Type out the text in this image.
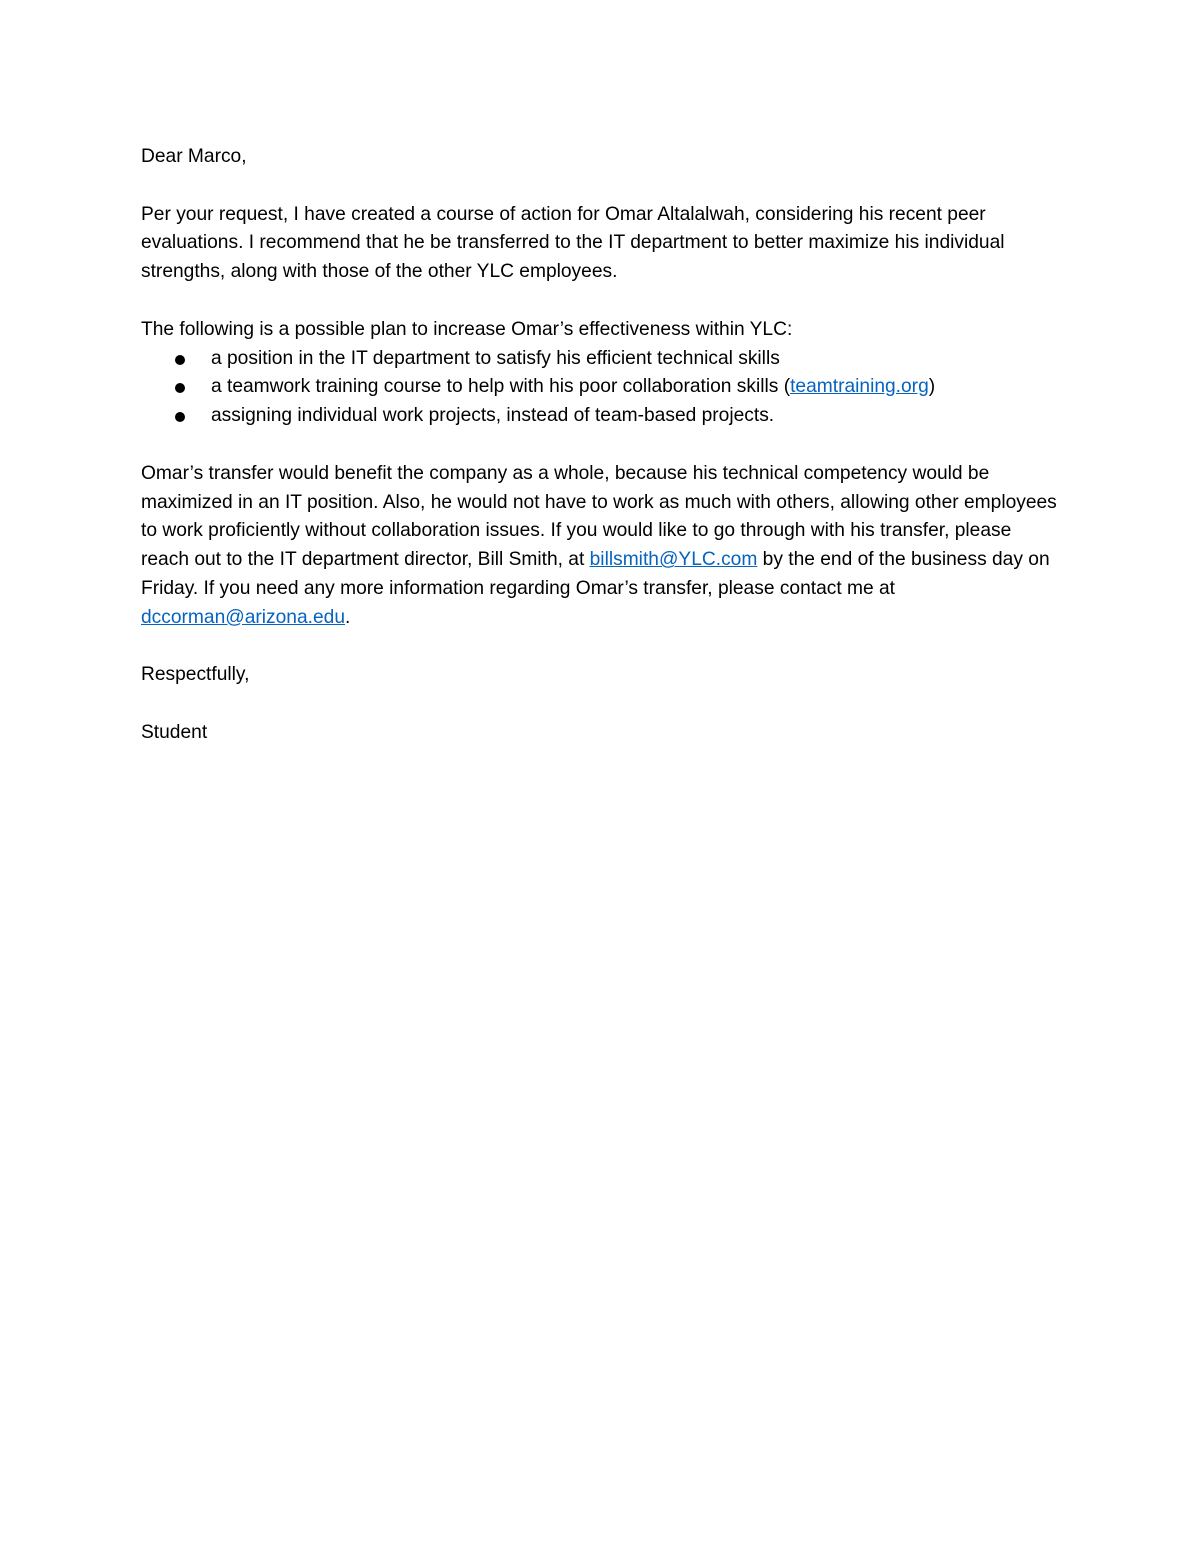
Dear Marco,

Per your request, I have created a course of action for Omar Altalalwah, considering his recent peer evaluations. I recommend that he be transferred to the IT department to better maximize his individual strengths, along with those of the other YLC employees.

The following is a possible plan to increase Omar’s effectiveness within YLC:

a position in the IT department to satisfy his efficient technical skills
a teamwork training course to help with his poor collaboration skills (teamtraining.org)
assigning individual work projects, instead of team-based projects.

Omar’s transfer would benefit the company as a whole, because his technical competency would be maximized in an IT position. Also, he would not have to work as much with others, allowing other employees to work proficiently without collaboration issues. If you would like to go through with his transfer, please reach out to the IT department director, Bill Smith, at billsmith@YLC.com by the end of the business day on Friday. If you need any more information regarding Omar’s transfer, please contact me at dccorman@arizona.edu.

Respectfully,

Student
